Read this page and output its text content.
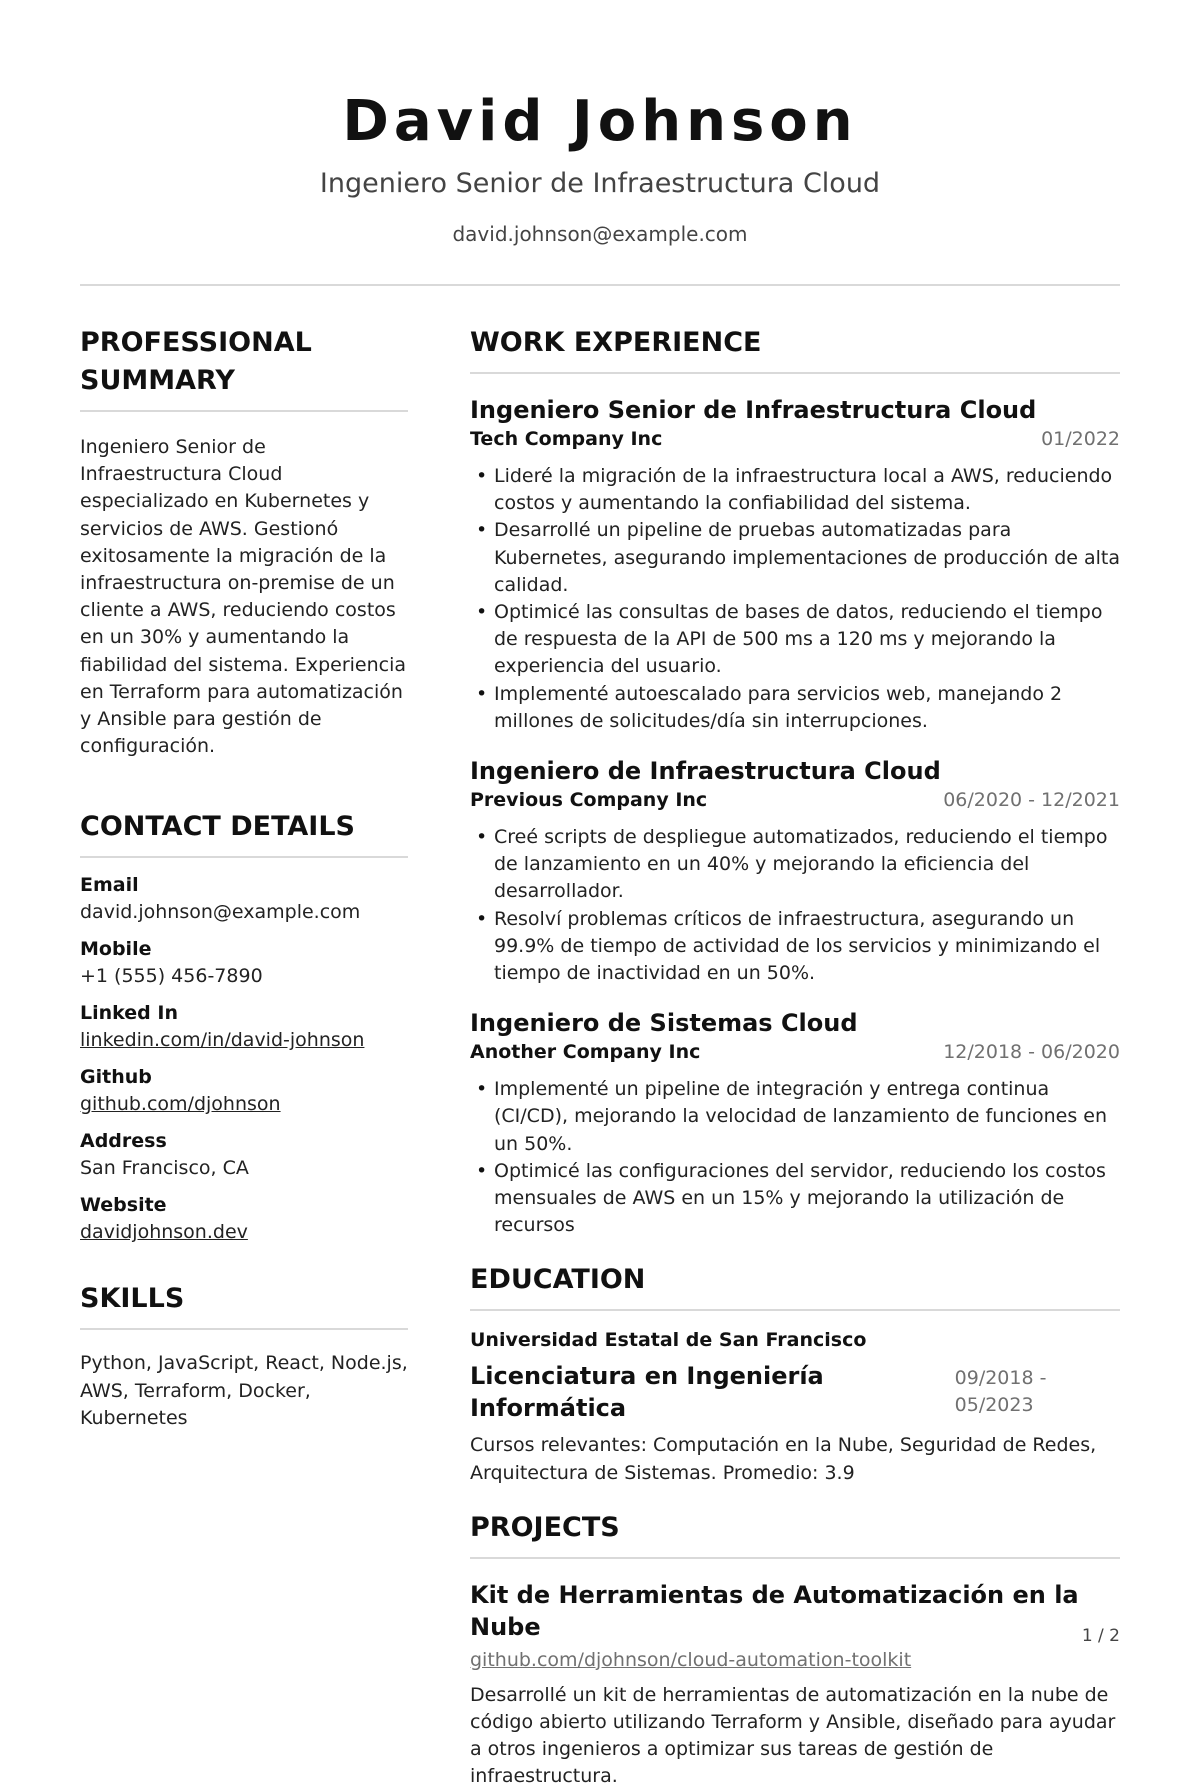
David Johnson
Ingeniero Senior de Infraestructura Cloud
david.johnson@example.com
PROFESSIONAL SUMMARY
Ingeniero Senior de Infraestructura Cloud especializado en Kubernetes y servicios de AWS. Gestionó exitosamente la migración de la infraestructura on-premise de un cliente a AWS, reduciendo costos en un 30% y aumentando la fiabilidad del sistema. Experiencia en Terraform para automatización y Ansible para gestión de configuración.
CONTACT DETAILS
Email
david.johnson@example.com
Mobile
+1 (555) 456-7890
Linked In
linkedin.com/in/david-johnson
Github
github.com/djohnson
Address
San Francisco, CA
Website
davidjohnson.dev
SKILLS
Python, JavaScript, React, Node.js, AWS, Terraform, Docker, Kubernetes
WORK EXPERIENCE
Ingeniero Senior de Infraestructura Cloud
Tech Company Inc	01/2022
• Lideré la migración de la infraestructura local a AWS, reduciendo costos y aumentando la confiabilidad del sistema.
• Desarrollé un pipeline de pruebas automatizadas para Kubernetes, asegurando implementaciones de producción de alta calidad.
• Optimicé las consultas de bases de datos, reduciendo el tiempo de respuesta de la API de 500 ms a 120 ms y mejorando la experiencia del usuario.
• Implementé autoescalado para servicios web, manejando 2 millones de solicitudes/día sin interrupciones.
Ingeniero de Infraestructura Cloud
Previous Company Inc	06/2020 - 12/2021
• Creé scripts de despliegue automatizados, reduciendo el tiempo de lanzamiento en un 40% y mejorando la eficiencia del desarrollador.
• Resolví problemas críticos de infraestructura, asegurando un 99.9% de tiempo de actividad de los servicios y minimizando el tiempo de inactividad en un 50%.
Ingeniero de Sistemas Cloud
Another Company Inc	12/2018 - 06/2020
• Implementé un pipeline de integración y entrega continua (CI/CD), mejorando la velocidad de lanzamiento de funciones en un 50%.
• Optimicé las configuraciones del servidor, reduciendo los costos mensuales de AWS en un 15% y mejorando la utilización de recursos
EDUCATION
Universidad Estatal de San Francisco
Licenciatura en Ingeniería Informática
09/2018 - 05/2023
Cursos relevantes: Computación en la Nube, Seguridad de Redes, Arquitectura de Sistemas. Promedio: 3.9
PROJECTS
Kit de Herramientas de Automatización en la Nube
github.com/djohnson/cloud-automation-toolkit
Desarrollé un kit de herramientas de automatización en la nube de código abierto utilizando Terraform y Ansible, diseñado para ayudar a otros ingenieros a optimizar sus tareas de gestión de infraestructura.
1 / 2
